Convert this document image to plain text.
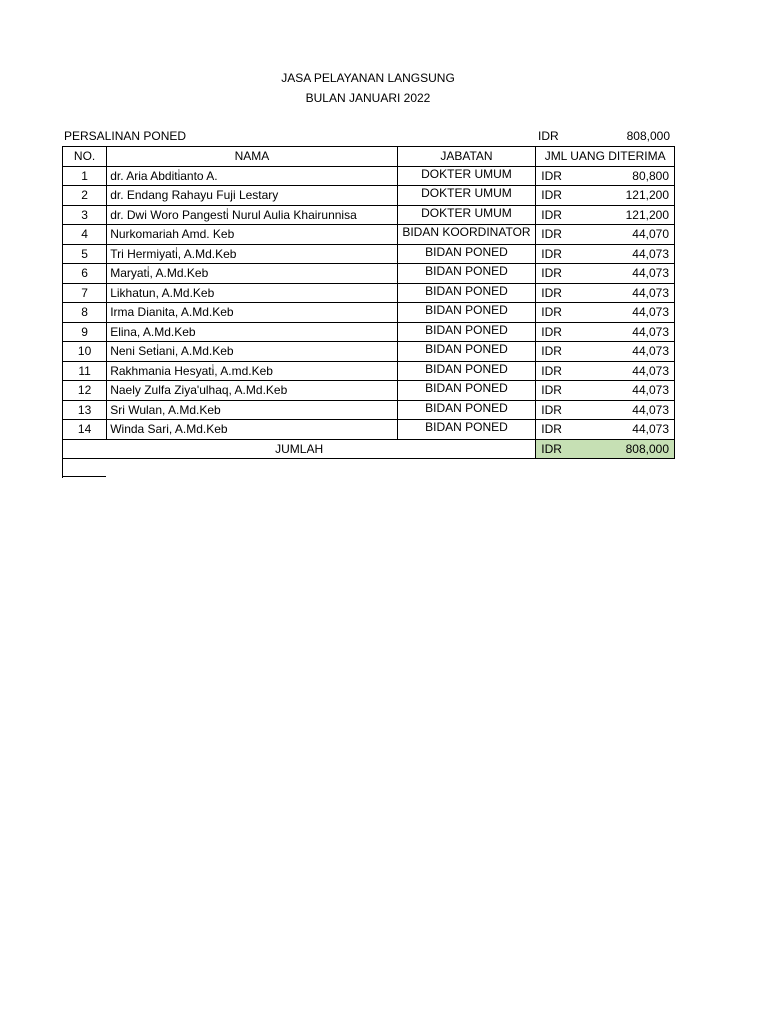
JASA PELAYANAN LANGSUNG
BULAN JANUARI 2022
PERSALINAN PONED	IDR	808,000
NO.	NAMA	JABATAN	JML UANG DITERIMA
1	dr. Aria Abditi̇anto A.	DOKTER UMUM	IDR 80,800

2	dr. Endang Rahayu Fuji Lestary	DOKTER UMUM	IDR 121,200

3	dr. Dwi Woro Pangesti̇ Nurul Aulia Khairunnisa	DOKTER UMUM	IDR 121,200

4	Nurkomariah Amd. Keb	BIDAN KOORDINATOR	IDR 44,070

5	Tri Hermiyati̇, A.Md.Keb	BIDAN PONED	IDR 44,073

6	Maryati̇, A.Md.Keb	BIDAN PONED	IDR 44,073

7	Likhatun, A.Md.Keb	BIDAN PONED	IDR 44,073

8	Irma Dianita, A.Md.Keb	BIDAN PONED	IDR 44,073

9	Elina, A.Md.Keb	BIDAN PONED	IDR 44,073

10	Neni Seti̇ani, A.Md.Keb	BIDAN PONED	IDR 44,073

11	Rakhmania Hesyati̇, A.md.Keb	BIDAN PONED	IDR 44,073

12	Naely Zulfa Ziya'ulhaq, A.Md.Keb	BIDAN PONED	IDR 44,073

13	Sri Wulan, A.Md.Keb	BIDAN PONED	IDR 44,073

14	Winda Sari, A.Md.Keb	BIDAN PONED	IDR 44,073

JUMLAH			IDR 808,000
